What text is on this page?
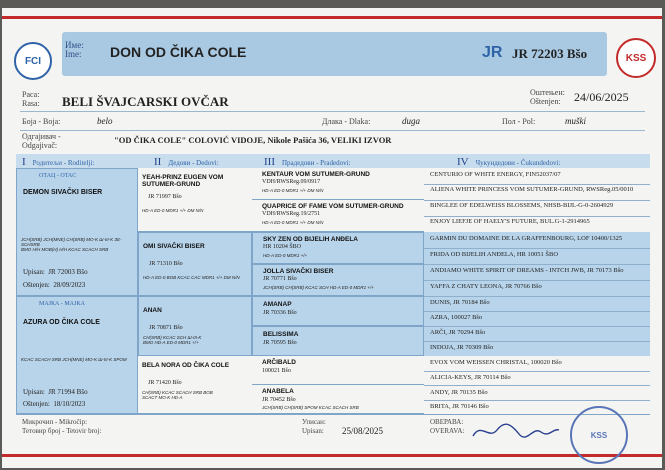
FCI	KSS
Име:
Ime: DON OD ČIKA COLE	JR JR 72203 Bšo
Раса:
Rasa: BELI ŠVAJCARSKI OVČAR
Оштењен:
Oštenjen:	24/06/2025
Боја - Boja:	belo	Длака - Dlaka:	duga	Пол - Pol:	muški
Одгајивач -
Odgajivač:
"OD ČIKA COLE" COLOVIĆ VIDOJE, Nikole Pašića 36, VELIKI IZVOR
I Родитељи - Roditelji:	II Дедови - Dedovi:	III Прадедови - Pradedovi:	IV Чукундедови - Čukundedovi:
ОТАЦ - OTAC
DEMON SIVAČKI BISER
JCH(SRB) JCH(MNE) CH(SRB) MO-K Ш-III-K ЗЕ-SCHSRB
BMO H/H MOB(H) H/H KCAC SCACH SRB

Upisan: JR 72003 Bšo
Oštenjen: 28/09/2023
МАЈКА - MAJKA
AZURA OD ČIKA COLE
KCAC SCACH SRB JCH(MNE) MO-K Ш-III-K SPOM
Upisan: JR 71994 Bšo
Oštenjen: 18/10/2023
YEAH-PRINZ EUGEN VOM
SUTUMER-GRUND
JR 71997 Bšo
HD-A ED-0 MDR1 +/+ DM N/N
OMI SIVAČKI BISER
JR 71310 Bšo
HD-A ED-0 BOB KCAC CAC MDR1 +/+ DM N/N
ANAN
JR 70871 Bšo
CH(SRB) KCAC SCH Ш-III-K
BMO HD-A ED-0 MDR1 +/+
BELA NORA OD ČIKA COLE
JR 71420 Bšo
CH(SRB) KCAC SCACH SRB BOB
SCACT MO-K HD-A
KENTAUR VOM SUTUMER-GRUND
VDH/RWSReg.09/0917
HD-A ED-0 MDR1 +/+ DM N/N
QUAPRICE OF FAME VOM SUTUMER-GRUND
VDH/RWSReg.19/2751
HD-A ED-0 MDR1 +/+ DM N/N
SKY ZEN OD BIJELIH ANĐELA
HR 10204 ŠBO
HD-A ED-0 MDR1 +/+
JOLLA SIVAČKI BISER
JR 70771 Bšo
JCH(SRB) CH(SRB) KCAC SCH HD-A ED-0 MDR1 +/+
AMANAP
JR 70336 Bšo
BELISSIMA
JR 70595 Bšo
ARČIBALD
100021 Bšo
ANABELA
JR 70452 Bšo
JCH(SRB) CH(SRB) SPOM KCAC SCACH SRB
CENTURIO OF WHITE ENERGY, FIN52037/07
ALIENA WHITE PRINCESS VOM SUTUMER-GRUND, RWSReg.05/0010
BINGLEE OF EDELWEISS BLOSSEMS, NHSB-BIJL-G-0-2604929
ENJOY LIEFJE OF HAELY'S FUTURE, BUL.G-1-2914965
GARMIN DU DOMAINE DE LA GRAFFENBOURG, LOF 10400/1325
FRIDA OD BIJELIH ANĐELA, HR 10051 ŠBO
ANDIAMO WHITE SPIRIT OF DREAMS - INTCH JWB, JR 70173 Bšo
YAFFA Z CHATY LEONA, JR 70766 Bšo
DUNIS, JR 70184 Bšo
AZRA, 100027 Bšo
ARČI, JR 70294 Bšo
INDOJA, JR 70309 Bšo
EVOX VOM WEISSEN CHRISTAL, 100020 Bšo
ALICIA-KEYS, JR 70114 Bšo
ANDY, JR 70135 Bšo
BRITA, JR 70146 Bšo
Микрочип - Mikročip:
Тетовир број - Tetovir broj:
Уписан:
Upisan: 25/08/2025
ОВЕРАВА:
OVERAVA:	KSS
